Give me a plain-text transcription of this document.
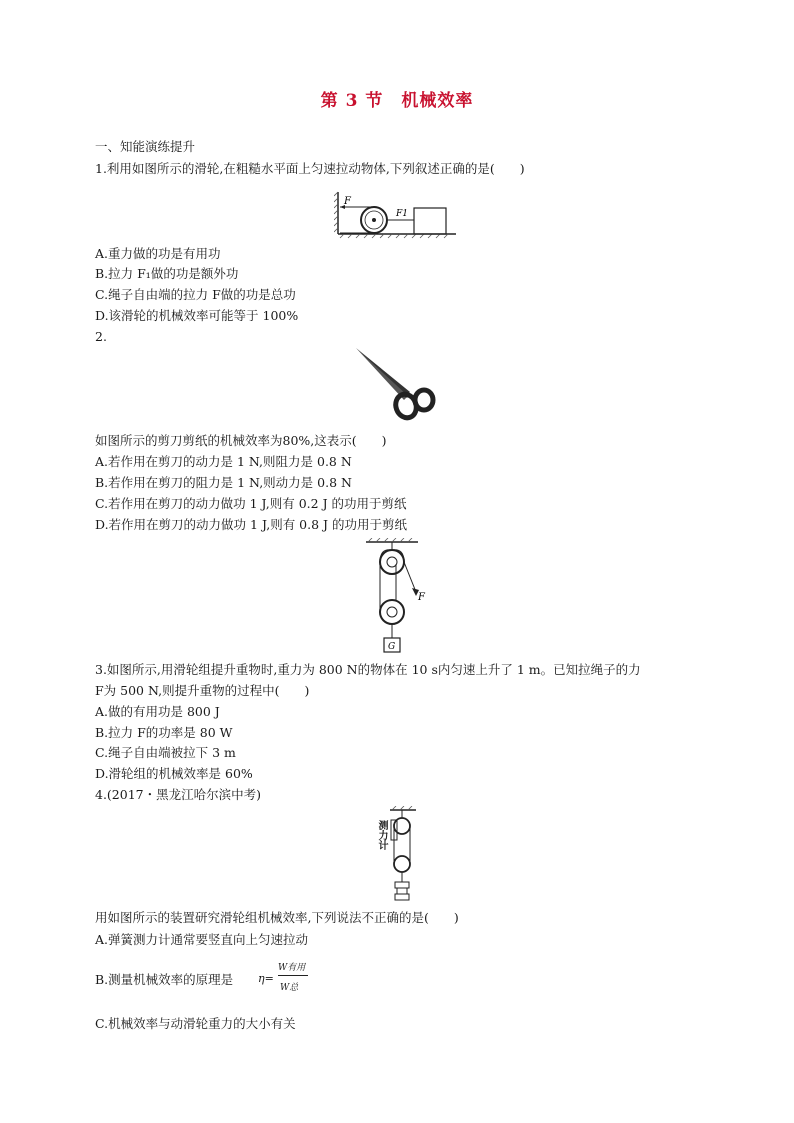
第 3 节　机械效率
一、知能演练提升
1.利用如图所示的滑轮,在粗糙水平面上匀速拉动物体,下列叙述正确的是(　　)
F
F1
A.重力做的功是有用功
B.拉力 F₁做的功是额外功
C.绳子自由端的拉力 F做的功是总功
D.该滑轮的机械效率可能等于 100%
2.
如图所示的剪刀剪纸的机械效率为80%,这表示(　　)
A.若作用在剪刀的动力是 1 N,则阻力是 0.8 N
B.若作用在剪刀的阻力是 1 N,则动力是 0.8 N
C.若作用在剪刀的动力做功 1 J,则有 0.2 J 的功用于剪纸
D.若作用在剪刀的动力做功 1 J,则有 0.8 J 的功用于剪纸
F
G
3.如图所示,用滑轮组提升重物时,重力为 800 N的物体在 10 s内匀速上升了 1 m。已知拉绳子的力
F为 500 N,则提升重物的过程中(　　)
A.做的有用功是 800 J
B.拉力 F的功率是 80 W
C.绳子自由端被拉下 3 m
D.滑轮组的机械效率是 60%
4.(2017・黑龙江哈尔滨中考)
测力计
用如图所示的装置研究滑轮组机械效率,下列说法不正确的是(　　)
A.弹簧测力计通常要竖直向上匀速拉动
B.测量机械效率的原理是 η=
W有用
W总
C.机械效率与动滑轮重力的大小有关
